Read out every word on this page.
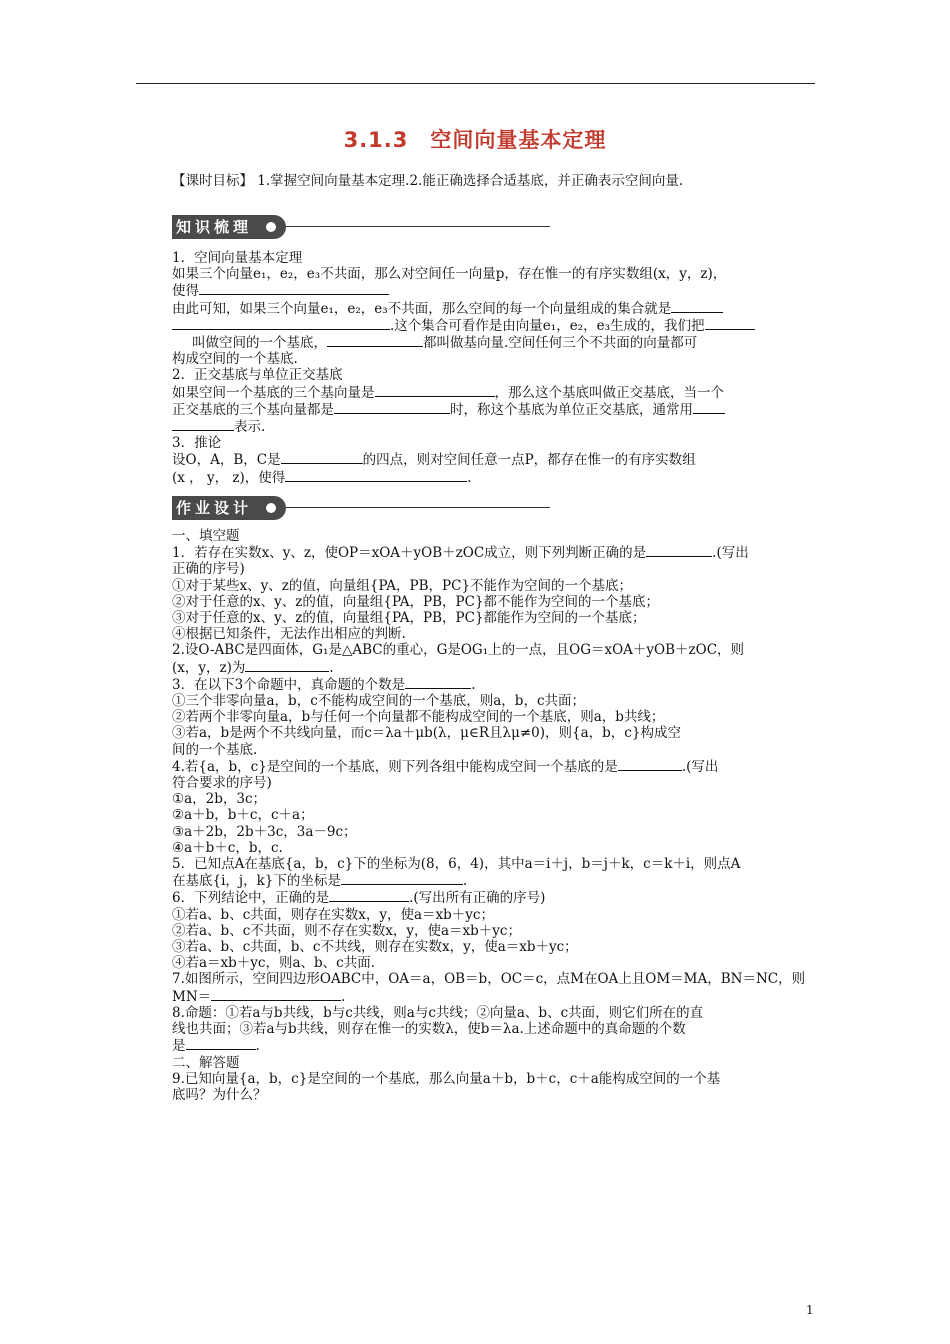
3.1.3　空间向量基本定理
【课时目标】 1.掌握空间向量基本定理.2.能正确选择合适基底，并正确表示空间向量.
知识梳理

1．空间向量基本定理

如果三个向量e₁，e₂，e₃不共面，那么对空间任一向量p，存在惟一的有序实数组(x，y，z)，

使得

由此可知，如果三个向量e₁，e₂，e₃不共面，那么空间的每一个向量组成的集合就是

.这个集合可看作是由向量e₁，e₂，e₃生成的，我们把

叫做空间的一个基底，	都叫做基向量.空间任何三个不共面的向量都可

构成空间的一个基底.

2．正交基底与单位正交基底

如果空间一个基底的三个基向量是	，那么这个基底叫做正交基底，当一个

正交基底的三个基向量都是	时，称这个基底为单位正交基底，通常用

表示.

3．推论

设O，A，B，C是	的四点，则对空间任意一点P，都存在惟一的有序实数组

(x ， y， z)，使得	.

作业设计

一、填空题

1．若存在实数x、y、z，使OP＝xOA＋yOB＋zOC成立，则下列判断正确的是	.(写出

正确的序号)

①对于某些x、y、z的值，向量组{PA，PB，PC}不能作为空间的一个基底；

②对于任意的x、y、z的值，向量组{PA，PB，PC}都不能作为空间的一个基底；

③对于任意的x、y、z的值，向量组{PA，PB，PC}都能作为空间的一个基底；

④根据已知条件，无法作出相应的判断.

2.设O-ABC是四面体，G₁是△ABC的重心，G是OG₁上的一点，且OG＝xOA＋yOB＋zOC，则

(x，y，z)为	.

3．在以下3个命题中，真命题的个数是	.

①三个非零向量a，b，c不能构成空间的一个基底，则a，b，c共面；

②若两个非零向量a，b与任何一个向量都不能构成空间的一个基底，则a，b共线；

③若a，b是两个不共线向量，而c＝λa＋μb(λ，μ∈R且λμ≠0)，则{a，b，c}构成空

间的一个基底.

4.若{a，b，c}是空间的一个基底，则下列各组中能构成空间一个基底的是	.(写出

符合要求的序号)

①a，2b，3c；

②a＋b，b＋c，c＋a；

③a＋2b，2b＋3c，3a－9c；

④a＋b＋c，b，c.

5．已知点A在基底{a，b，c}下的坐标为(8，6，4)，其中a＝i＋j，b＝j＋k，c＝k＋i，则点A

在基底{i，j，k}下的坐标是	.

6．下列结论中，正确的是	.(写出所有正确的序号)

①若a、b、c共面，则存在实数x，y，使a＝xb＋yc；

②若a、b、c不共面，则不存在实数x，y，使a＝xb＋yc；

③若a、b、c共面，b、c不共线，则存在实数x，y，使a＝xb＋yc；

④若a＝xb＋yc，则a、b、c共面.

7.如图所示，空间四边形OABC中，OA＝a，OB＝b，OC＝c，点M在OA上且OM＝MA，BN＝NC，则

MN＝	.

8.命题：①若a与b共线，b与c共线，则a与c共线；②向量a、b、c共面，则它们所在的直

线也共面；③若a与b共线，则存在惟一的实数λ，使b＝λa.上述命题中的真命题的个数

是	.

二、解答题

9.已知向量{a，b，c}是空间的一个基底，那么向量a＋b，b＋c，c＋a能构成空间的一个基

底吗？为什么？

1
